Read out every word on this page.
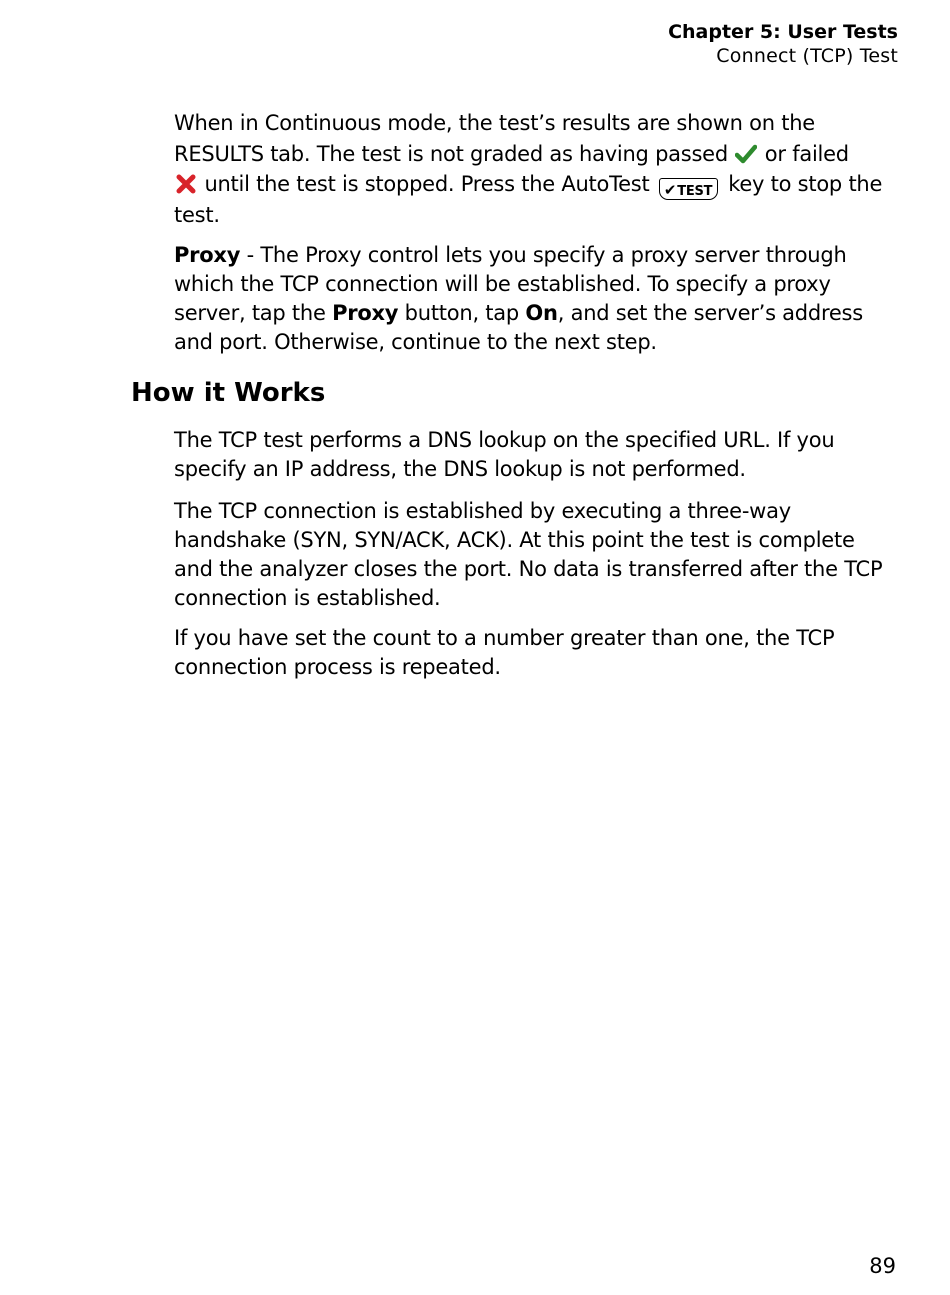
Chapter 5: User Tests
Connect (TCP) Test

When in Continuous mode, the test’s results are shown on the RESULTS tab. The test is not graded as having passed or failed
until the test is stopped. Press the AutoTest ✔TEST key to stop the test.

Proxy - The Proxy control lets you specify a proxy server through which the TCP connection will be established. To specify a proxy server, tap the Proxy button, tap On, and set the server’s address and port. Otherwise, continue to the next step.

How it Works

The TCP test performs a DNS lookup on the specified URL. If you specify an IP address, the DNS lookup is not performed.

The TCP connection is established by executing a three-way handshake (SYN, SYN/ACK, ACK). At this point the test is complete and the analyzer closes the port. No data is transferred after the TCP connection is established.

If you have set the count to a number greater than one, the TCP connection process is repeated.

89
